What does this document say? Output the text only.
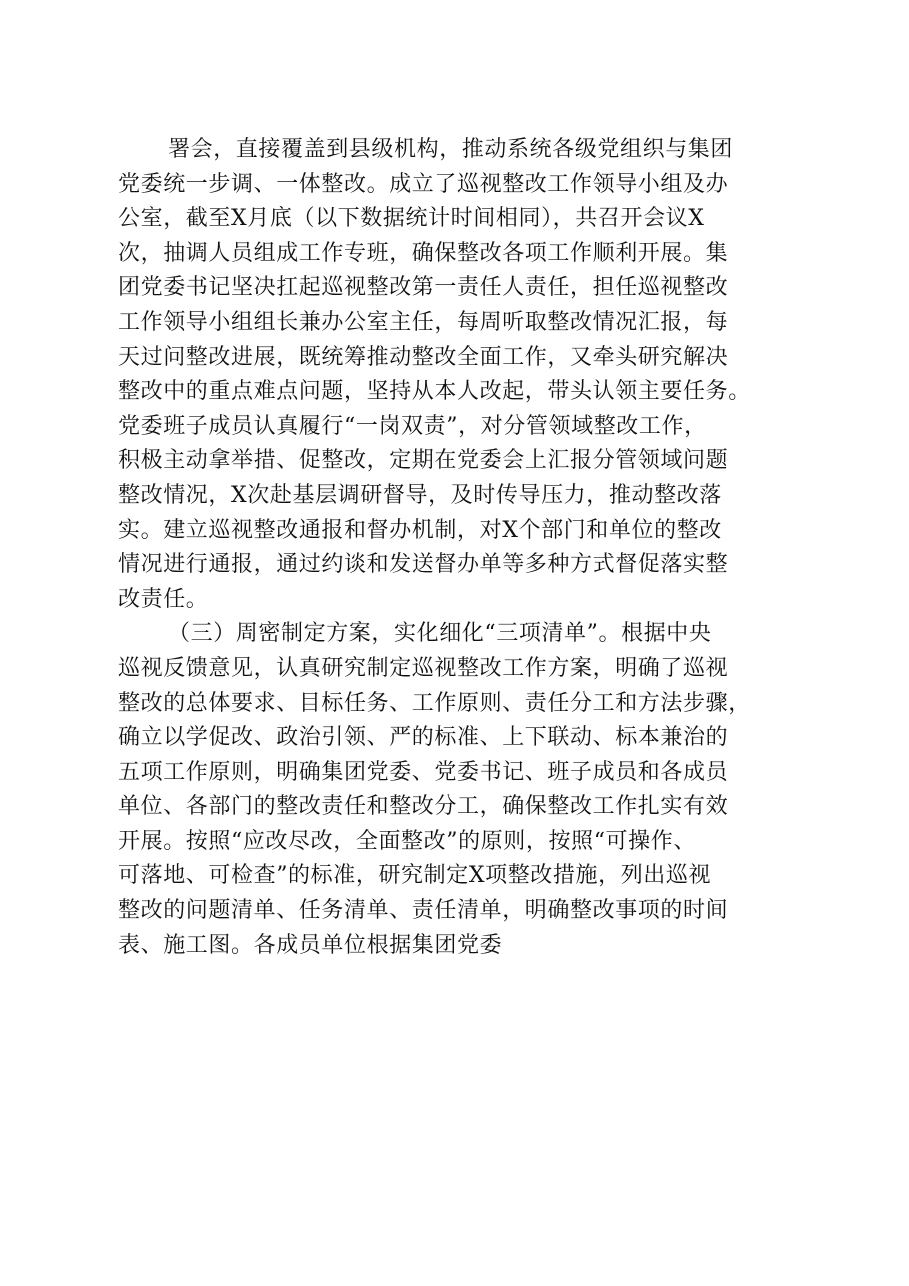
署会，直接覆盖到县级机构，推动系统各级党组织与集团
党委统一步调、一体整改。成立了巡视整改工作领导小组及办
公室，截至X月底（以下数据统计时间相同），共召开会议X
次，抽调人员组成工作专班，确保整改各项工作顺利开展。集
团党委书记坚决扛起巡视整改第一责任人责任，担任巡视整改
工作领导小组组长兼办公室主任，每周听取整改情况汇报，每
天过问整改进展，既统筹推动整改全面工作，又牵头研究解决
整改中的重点难点问题，坚持从本人改起，带头认领主要任务。
党委班子成员认真履行“一岗双责”，对分管领域整改工作，
积极主动拿举措、促整改，定期在党委会上汇报分管领域问题
整改情况，X次赴基层调研督导，及时传导压力，推动整改落
实。建立巡视整改通报和督办机制，对X个部门和单位的整改
情况进行通报，通过约谈和发送督办单等多种方式督促落实整
改责任。
（三）周密制定方案，实化细化“三项清单”。根据中央
巡视反馈意见，认真研究制定巡视整改工作方案，明确了巡视
整改的总体要求、目标任务、工作原则、责任分工和方法步骤，
确立以学促改、政治引领、严的标准、上下联动、标本兼治的
五项工作原则，明确集团党委、党委书记、班子成员和各成员
单位、各部门的整改责任和整改分工，确保整改工作扎实有效
开展。按照“应改尽改，全面整改”的原则，按照“可操作、
可落地、可检查”的标准，研究制定X项整改措施，列出巡视
整改的问题清单、任务清单、责任清单，明确整改事项的时间
表、施工图。各成员单位根据集团党委
